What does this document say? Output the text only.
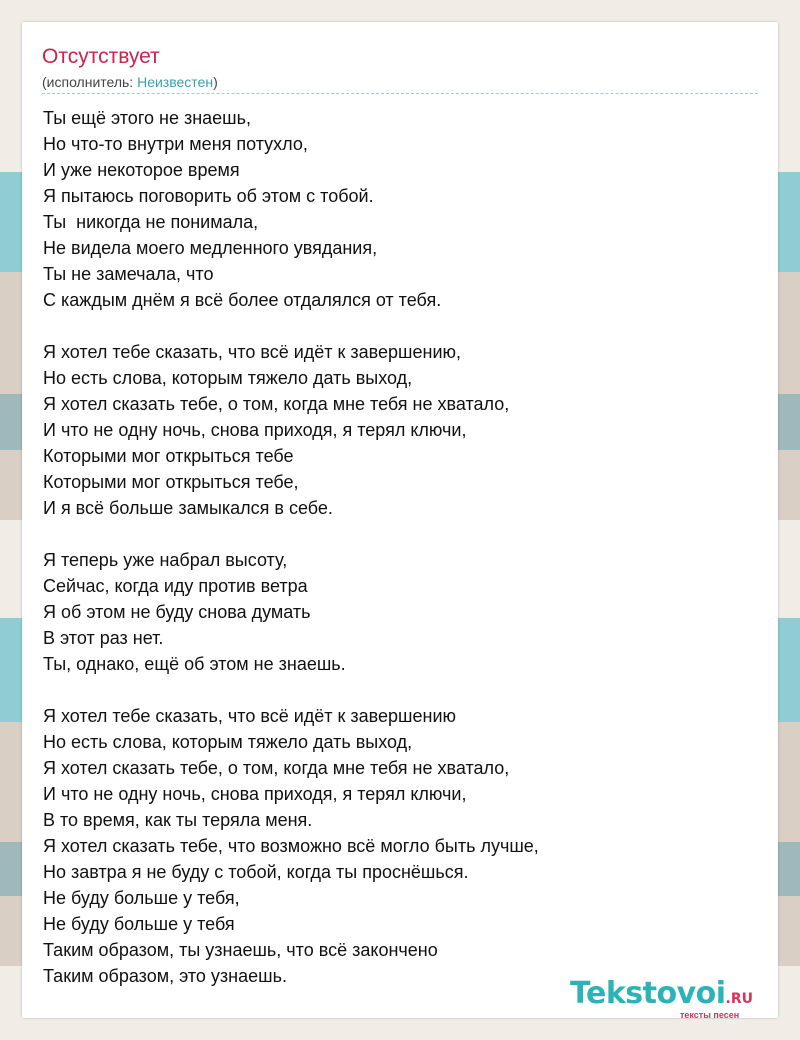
Отсутствует
(исполнитель: Неизвестен)
Ты ещё этого не знаешь,
Но что-то внутри меня потухло,
И уже некоторое время
Я пытаюсь поговорить об этом с тобой.
Ты  никогда не понимала,
Не видела моего медленного увядания,
Ты не замечала, что
С каждым днём я всё более отдалялся от тебя.
Я хотел тебе сказать, что всё идёт к завершению,
Но есть слова, которым тяжело дать выход,
Я хотел сказать тебе, о том, когда мне тебя не хватало,
И что не одну ночь, снова приходя, я терял ключи,
Которыми мог открыться тебе
Которыми мог открыться тебе,
И я всё больше замыкался в себе.
Я теперь уже набрал высоту,
Сейчас, когда иду против ветра
Я об этом не буду снова думать
В этот раз нет.
Ты, однако, ещё об этом не знаешь.
Я хотел тебе сказать, что всё идёт к завершению
Но есть слова, которым тяжело дать выход,
Я хотел сказать тебе, о том, когда мне тебя не хватало,
И что не одну ночь, снова приходя, я терял ключи,
В то время, как ты теряла меня.
Я хотел сказать тебе, что возможно всё могло быть лучше,
Но завтра я не буду с тобой, когда ты проснёшься.
Не буду больше у тебя,
Не буду больше у тебя
Таким образом, ты узнаешь, что всё закончено
Таким образом, это узнаешь.	Tekstovoi.RU
тексты песен
